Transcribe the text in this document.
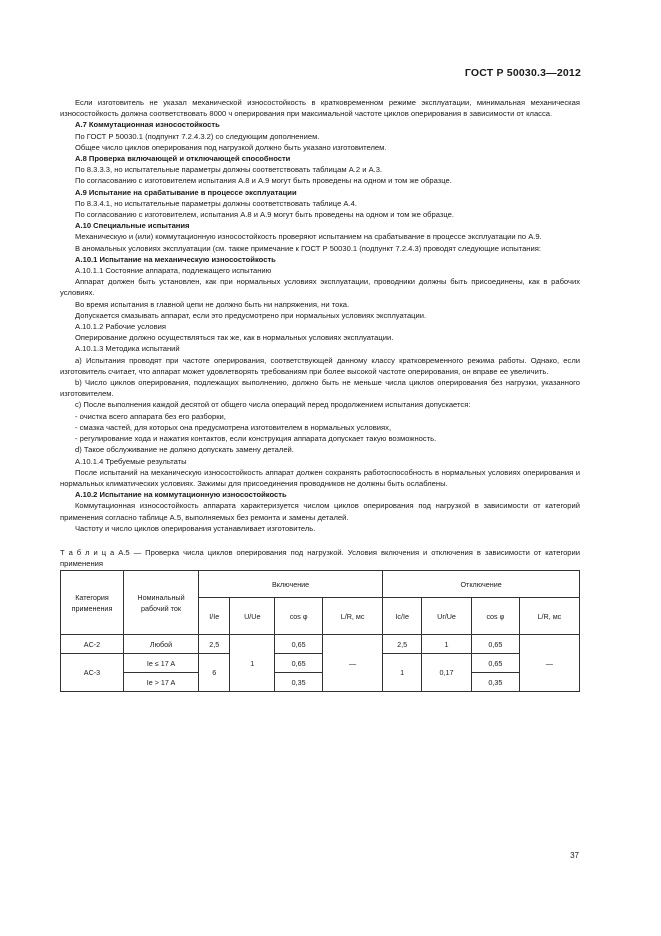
ГОСТ Р 50030.3—2012

Если изготовитель не указал механической износостойкость в кратковременном режиме эксплуатации, минимальная механическая износостойкость должна соответствовать 8000 ч оперирования при максимальной частоте циклов оперирования в зависимости от класса.

А.7 Коммутационная износостойкость

По ГОСТ Р 50030.1 (подпункт 7.2.4.3.2) со следующим дополнением.

Общее число циклов оперирования под нагрузкой должно быть указано изготовителем.

А.8 Проверка включающей и отключающей способности

По 8.3.3.3, но испытательные параметры должны соответствовать таблицам А.2 и А.3.

По согласованию с изготовителем испытания А.8 и А.9 могут быть проведены на одном и том же образце.

А.9 Испытание на срабатывание в процессе эксплуатации

По 8.3.4.1, но испытательные параметры должны соответствовать таблице А.4.

По согласованию с изготовителем, испытания А.8 и А.9 могут быть проведены на одном и том же образце.

А.10 Специальные испытания

Механическую и (или) коммутационную износостойкость проверяют испытанием на срабатывание в процессе эксплуатации по А.9.

В аномальных условиях эксплуатации (см. также примечание к ГОСТ Р 50030.1 (подпункт 7.2.4.3) проводят следующие испытания:

А.10.1 Испытание на механическую износостойкость

А.10.1.1 Состояние аппарата, подлежащего испытанию

Аппарат должен быть установлен, как при нормальных условиях эксплуатации, проводники должны быть присоединены, как в рабочих условиях.

Во время испытания в главной цепи не должно быть ни напряжения, ни тока.

Допускается смазывать аппарат, если это предусмотрено при нормальных условиях эксплуатации.

А.10.1.2 Рабочие условия

Оперирование должно осуществляться так же, как в нормальных условиях эксплуатации.

А.10.1.3 Методика испытаний

a) Испытания проводят при частоте оперирования, соответствующей данному классу кратковременного режима работы. Однако, если изготовитель считает, что аппарат может удовлетворять требованиям при более высокой частоте оперирования, он вправе ее увеличить.

b) Число циклов оперирования, подлежащих выполнению, должно быть не меньше числа циклов оперирования без нагрузки, указанного изготовителем.

c) После выполнения каждой десятой от общего числа операций перед продолжением испытания допускается:

- очистка всего аппарата без его разборки,

- смазка частей, для которых она предусмотрена изготовителем в нормальных условиях,

- регулирование хода и нажатия контактов, если конструкция аппарата допускает такую возможность.

d) Такое обслуживание не должно допускать замену деталей.

А.10.1.4 Требуемые результаты

После испытаний на механическую износостойкость аппарат должен сохранять работоспособность в нормальных условиях оперирования и нормальных климатических условиях. Зажимы для присоединения проводников не должны быть ослаблены.

А.10.2 Испытание на коммутационную износостойкость

Коммутационная износостойкость аппарата характеризуется числом циклов оперирования под нагрузкой в зависимости от категорий применения согласно таблице А.5, выполняемых без ремонта и замены деталей.

Частоту и число циклов оперирования устанавливает изготовитель.

Т а б л и ц а А.5 — Проверка числа циклов оперирования под нагрузкой. Условия включения и отключения в зависимости от категории применения

Категория применения	Номинальный рабочий ток	Включение				Отключение			
		I/Ie	U/Ue	cos φ	L/R, мс	Ic/Ie	Ur/Ue	cos φ	L/R, мс
AC-2	Любой	2,5	1	0,65	—	2,5	1	0,65	—
AC-3	Ie ≤ 17 A	6		0,65		1	0,17	0,65	
	Ie > 17 A			0,35				0,35	
37
